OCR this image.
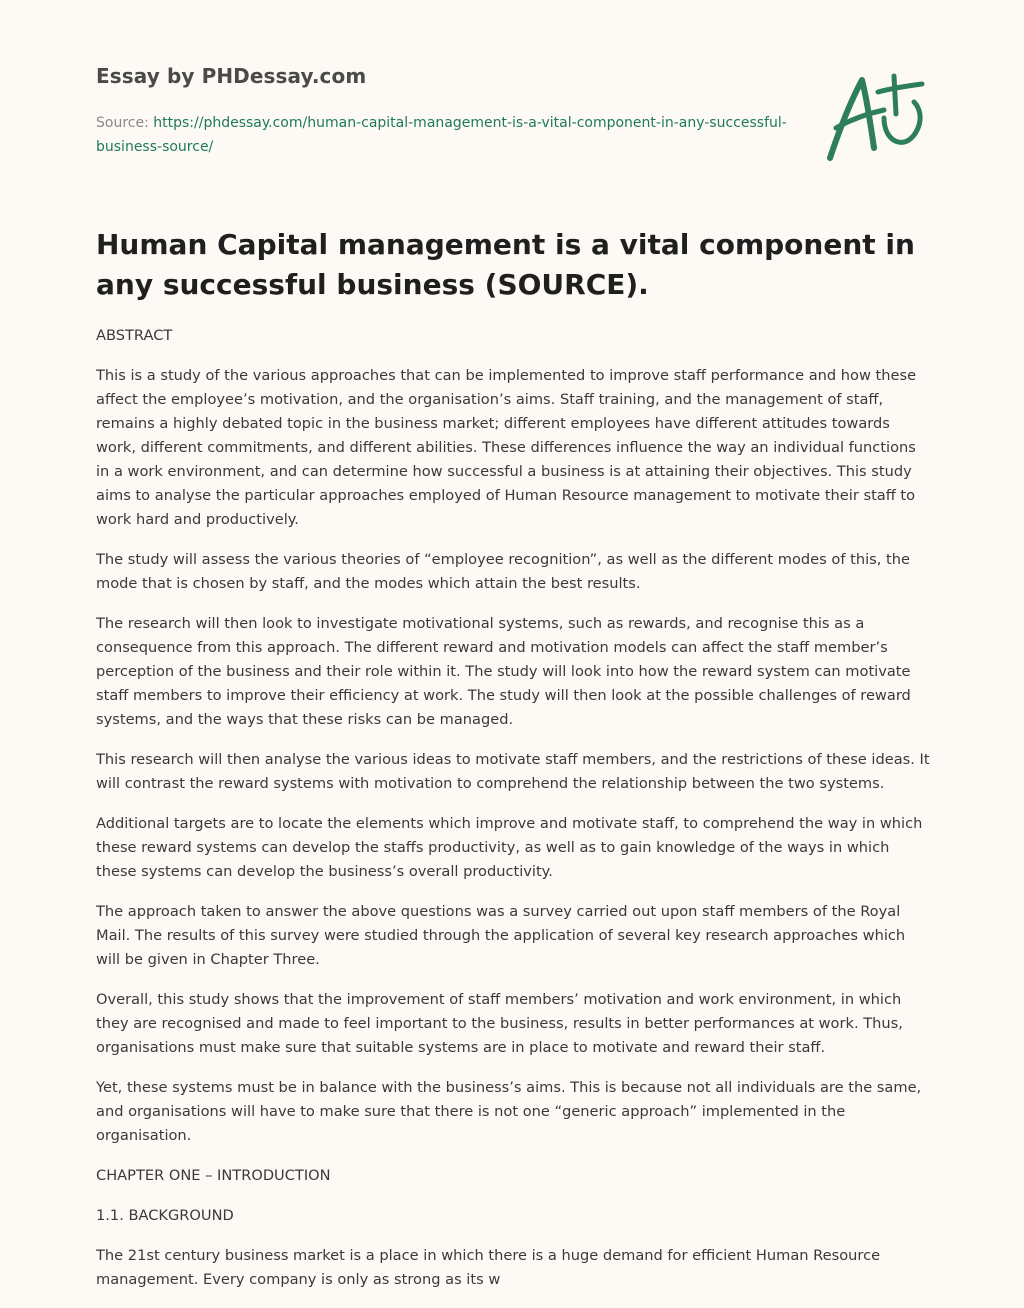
Essay by PHDessay.com
Source: https://phdessay.com/human-capital-management-is-a-vital-component-in-any-successful-business-source/
Human Capital management is a vital component in any successful business (SOURCE).

ABSTRACT

This is a study of the various approaches that can be implemented to improve staff performance and how these affect the employee’s motivation, and the organisation’s aims. Staff training, and the management of staff, remains a highly debated topic in the business market; different employees have different attitudes towards work, different commitments, and different abilities. These differences influence the way an individual functions in a work environment, and can determine how successful a business is at attaining their objectives. This study aims to analyse the particular approaches employed of Human Resource management to motivate their staff to work hard and productively.

The study will assess the various theories of “employee recognition”, as well as the different modes of this, the mode that is chosen by staff, and the modes which attain the best results.

The research will then look to investigate motivational systems, such as rewards, and recognise this as a consequence from this approach. The different reward and motivation models can affect the staff member’s perception of the business and their role within it. The study will look into how the reward system can motivate staff members to improve their efficiency at work. The study will then look at the possible challenges of reward systems, and the ways that these risks can be managed.

This research will then analyse the various ideas to motivate staff members, and the restrictions of these ideas. It will contrast the reward systems with motivation to comprehend the relationship between the two systems.

Additional targets are to locate the elements which improve and motivate staff, to comprehend the way in which these reward systems can develop the staffs productivity, as well as to gain knowledge of the ways in which these systems can develop the business’s overall productivity.

The approach taken to answer the above questions was a survey carried out upon staff members of the Royal Mail. The results of this survey were studied through the application of several key research approaches which will be given in Chapter Three.

Overall, this study shows that the improvement of staff members’ motivation and work environment, in which they are recognised and made to feel important to the business, results in better performances at work. Thus, organisations must make sure that suitable systems are in place to motivate and reward their staff.

Yet, these systems must be in balance with the business’s aims. This is because not all individuals are the same, and organisations will have to make sure that there is not one “generic approach” implemented in the organisation.

CHAPTER ONE – INTRODUCTION

1.1. BACKGROUND

The 21st century business market is a place in which there is a huge demand for efficient Human Resource management. Every company is only as strong as its w
